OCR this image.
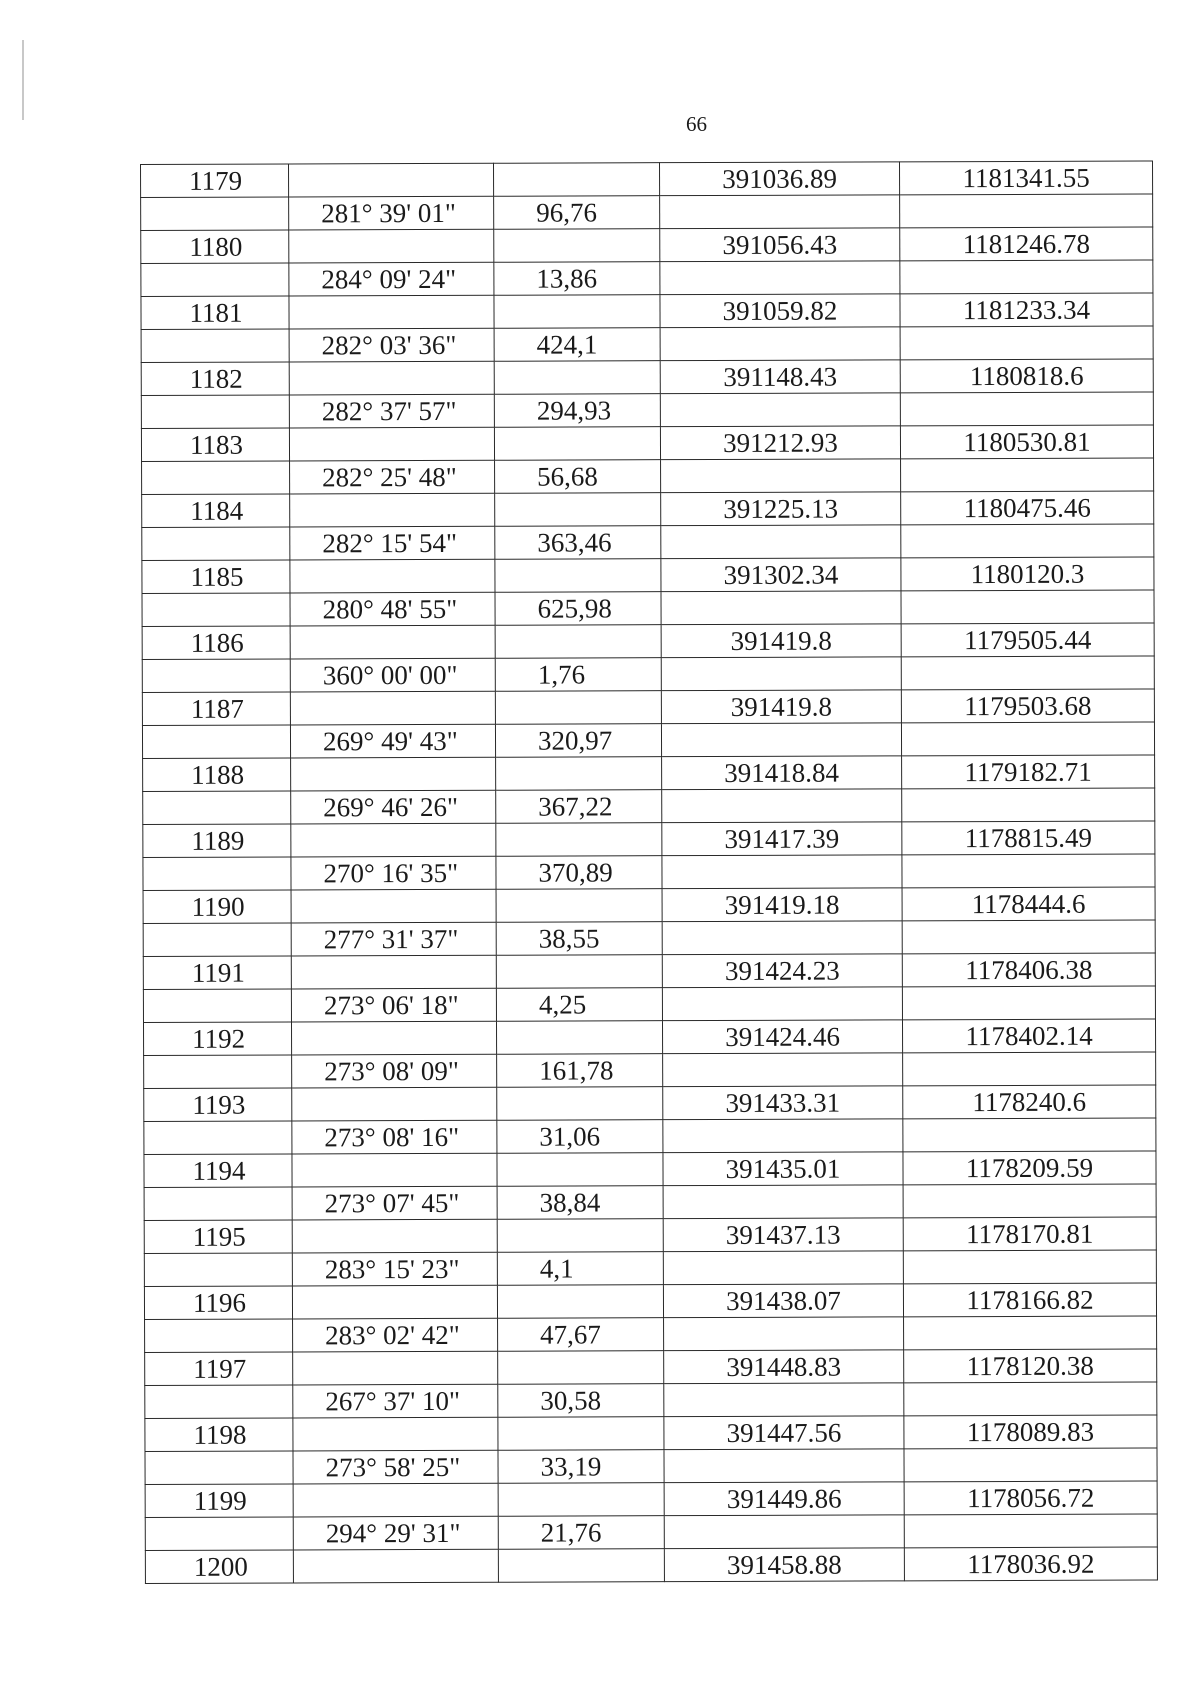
66
1179			391036.89	1181341.55
	281° 39' 01"	96,76		
1180			391056.43	1181246.78
	284° 09' 24"	13,86		
1181			391059.82	1181233.34
	282° 03' 36"	424,1		
1182			391148.43	1180818.6
	282° 37' 57"	294,93		
1183			391212.93	1180530.81
	282° 25' 48"	56,68		
1184			391225.13	1180475.46
	282° 15' 54"	363,46		
1185			391302.34	1180120.3
	280° 48' 55"	625,98		
1186			391419.8	1179505.44
	360° 00' 00"	1,76		
1187			391419.8	1179503.68
	269° 49' 43"	320,97		
1188			391418.84	1179182.71
	269° 46' 26"	367,22		
1189			391417.39	1178815.49
	270° 16' 35"	370,89		
1190			391419.18	1178444.6
	277° 31' 37"	38,55		
1191			391424.23	1178406.38
	273° 06' 18"	4,25		
1192			391424.46	1178402.14
	273° 08' 09"	161,78		
1193			391433.31	1178240.6
	273° 08' 16"	31,06		
1194			391435.01	1178209.59
	273° 07' 45"	38,84		
1195			391437.13	1178170.81
	283° 15' 23"	4,1		
1196			391438.07	1178166.82
	283° 02' 42"	47,67		
1197			391448.83	1178120.38
	267° 37' 10"	30,58		
1198			391447.56	1178089.83
	273° 58' 25"	33,19		
1199			391449.86	1178056.72
	294° 29' 31"	21,76		
1200			391458.88	1178036.92
